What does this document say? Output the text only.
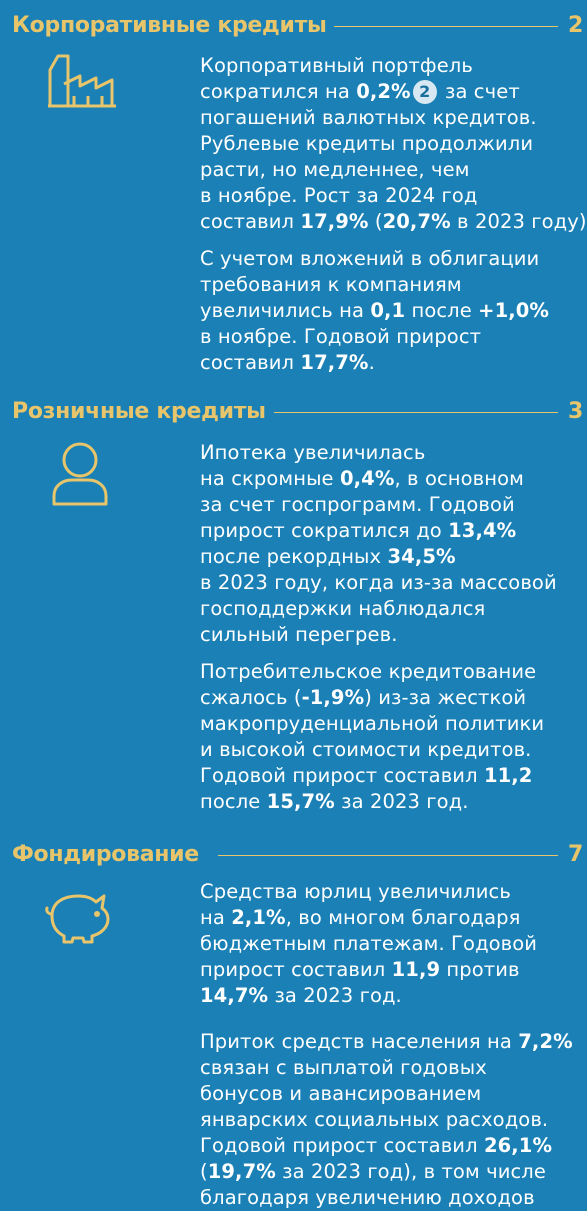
Корпоративные кредиты	2

Корпоративный портфель
сократился на 0,2% 2 за счет
погашений валютных кредитов.
Рублевые кредиты продолжили
расти, но медленнее, чем
в ноябре. Рост за 2024 год
составил 17,9% (20,7% в 2023 году)

С учетом вложений в облигации
требования к компаниям
увеличились на 0,1 после +1,0%
в ноябре. Годовой прирост
составил 17,7%.

Розничные кредиты	3

Ипотека увеличилась
на скромные 0,4%, в основном
за счет госпрограмм. Годовой
прирост сократился до 13,4%
после рекордных 34,5%
в 2023 году, когда из-за массовой
господдержки наблюдался
сильный перегрев.

Потребительское кредитование
сжалось (-1,9%) из-за жесткой
макропруденциальной политики
и высокой стоимости кредитов.
Годовой прирост составил 11,2
после 15,7% за 2023 год.

Фондирование	7

Средства юрлиц увеличились
на 2,1%, во многом благодаря
бюджетным платежам. Годовой
прирост составил 11,9 против
14,7% за 2023 год.

Приток средств населения на 7,2%
связан с выплатой годовых
бонусов и авансированием
январских социальных расходов.
Годовой прирост составил 26,1%
(19,7% за 2023 год), в том числе
благодаря увеличению доходов
